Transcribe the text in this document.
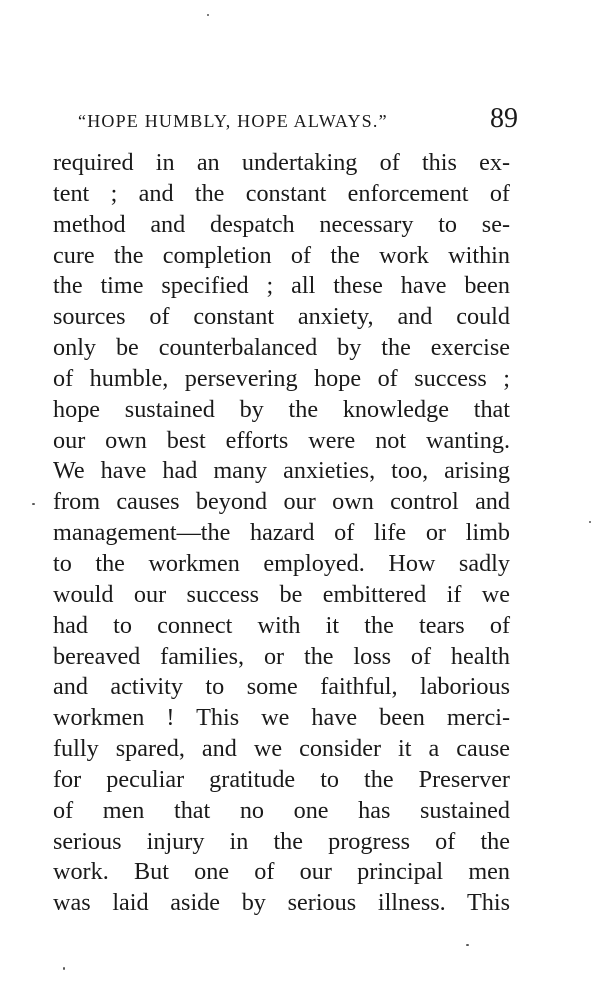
“HOPE HUMBLY, HOPE ALWAYS.”	89
required in an undertaking of this ex-
tent ; and the constant enforcement of
method and despatch necessary to se-
cure the completion of the work within
the time specified ; all these have been
sources of constant anxiety, and could
only be counterbalanced by the exercise
of humble, persevering hope of success ;
hope sustained by the knowledge that
our own best efforts were not wanting.
We have had many anxieties, too, arising
from causes beyond our own control and
management—the hazard of life or limb
to the workmen employed. How sadly
would our success be embittered if we
had to connect with it the tears of
bereaved families, or the loss of health
and activity to some faithful, laborious
workmen ! This we have been merci-
fully spared, and we consider it a cause
for peculiar gratitude to the Preserver
of men that no one has sustained
serious injury in the progress of the
work. But one of our principal men
was laid aside by serious illness. This
